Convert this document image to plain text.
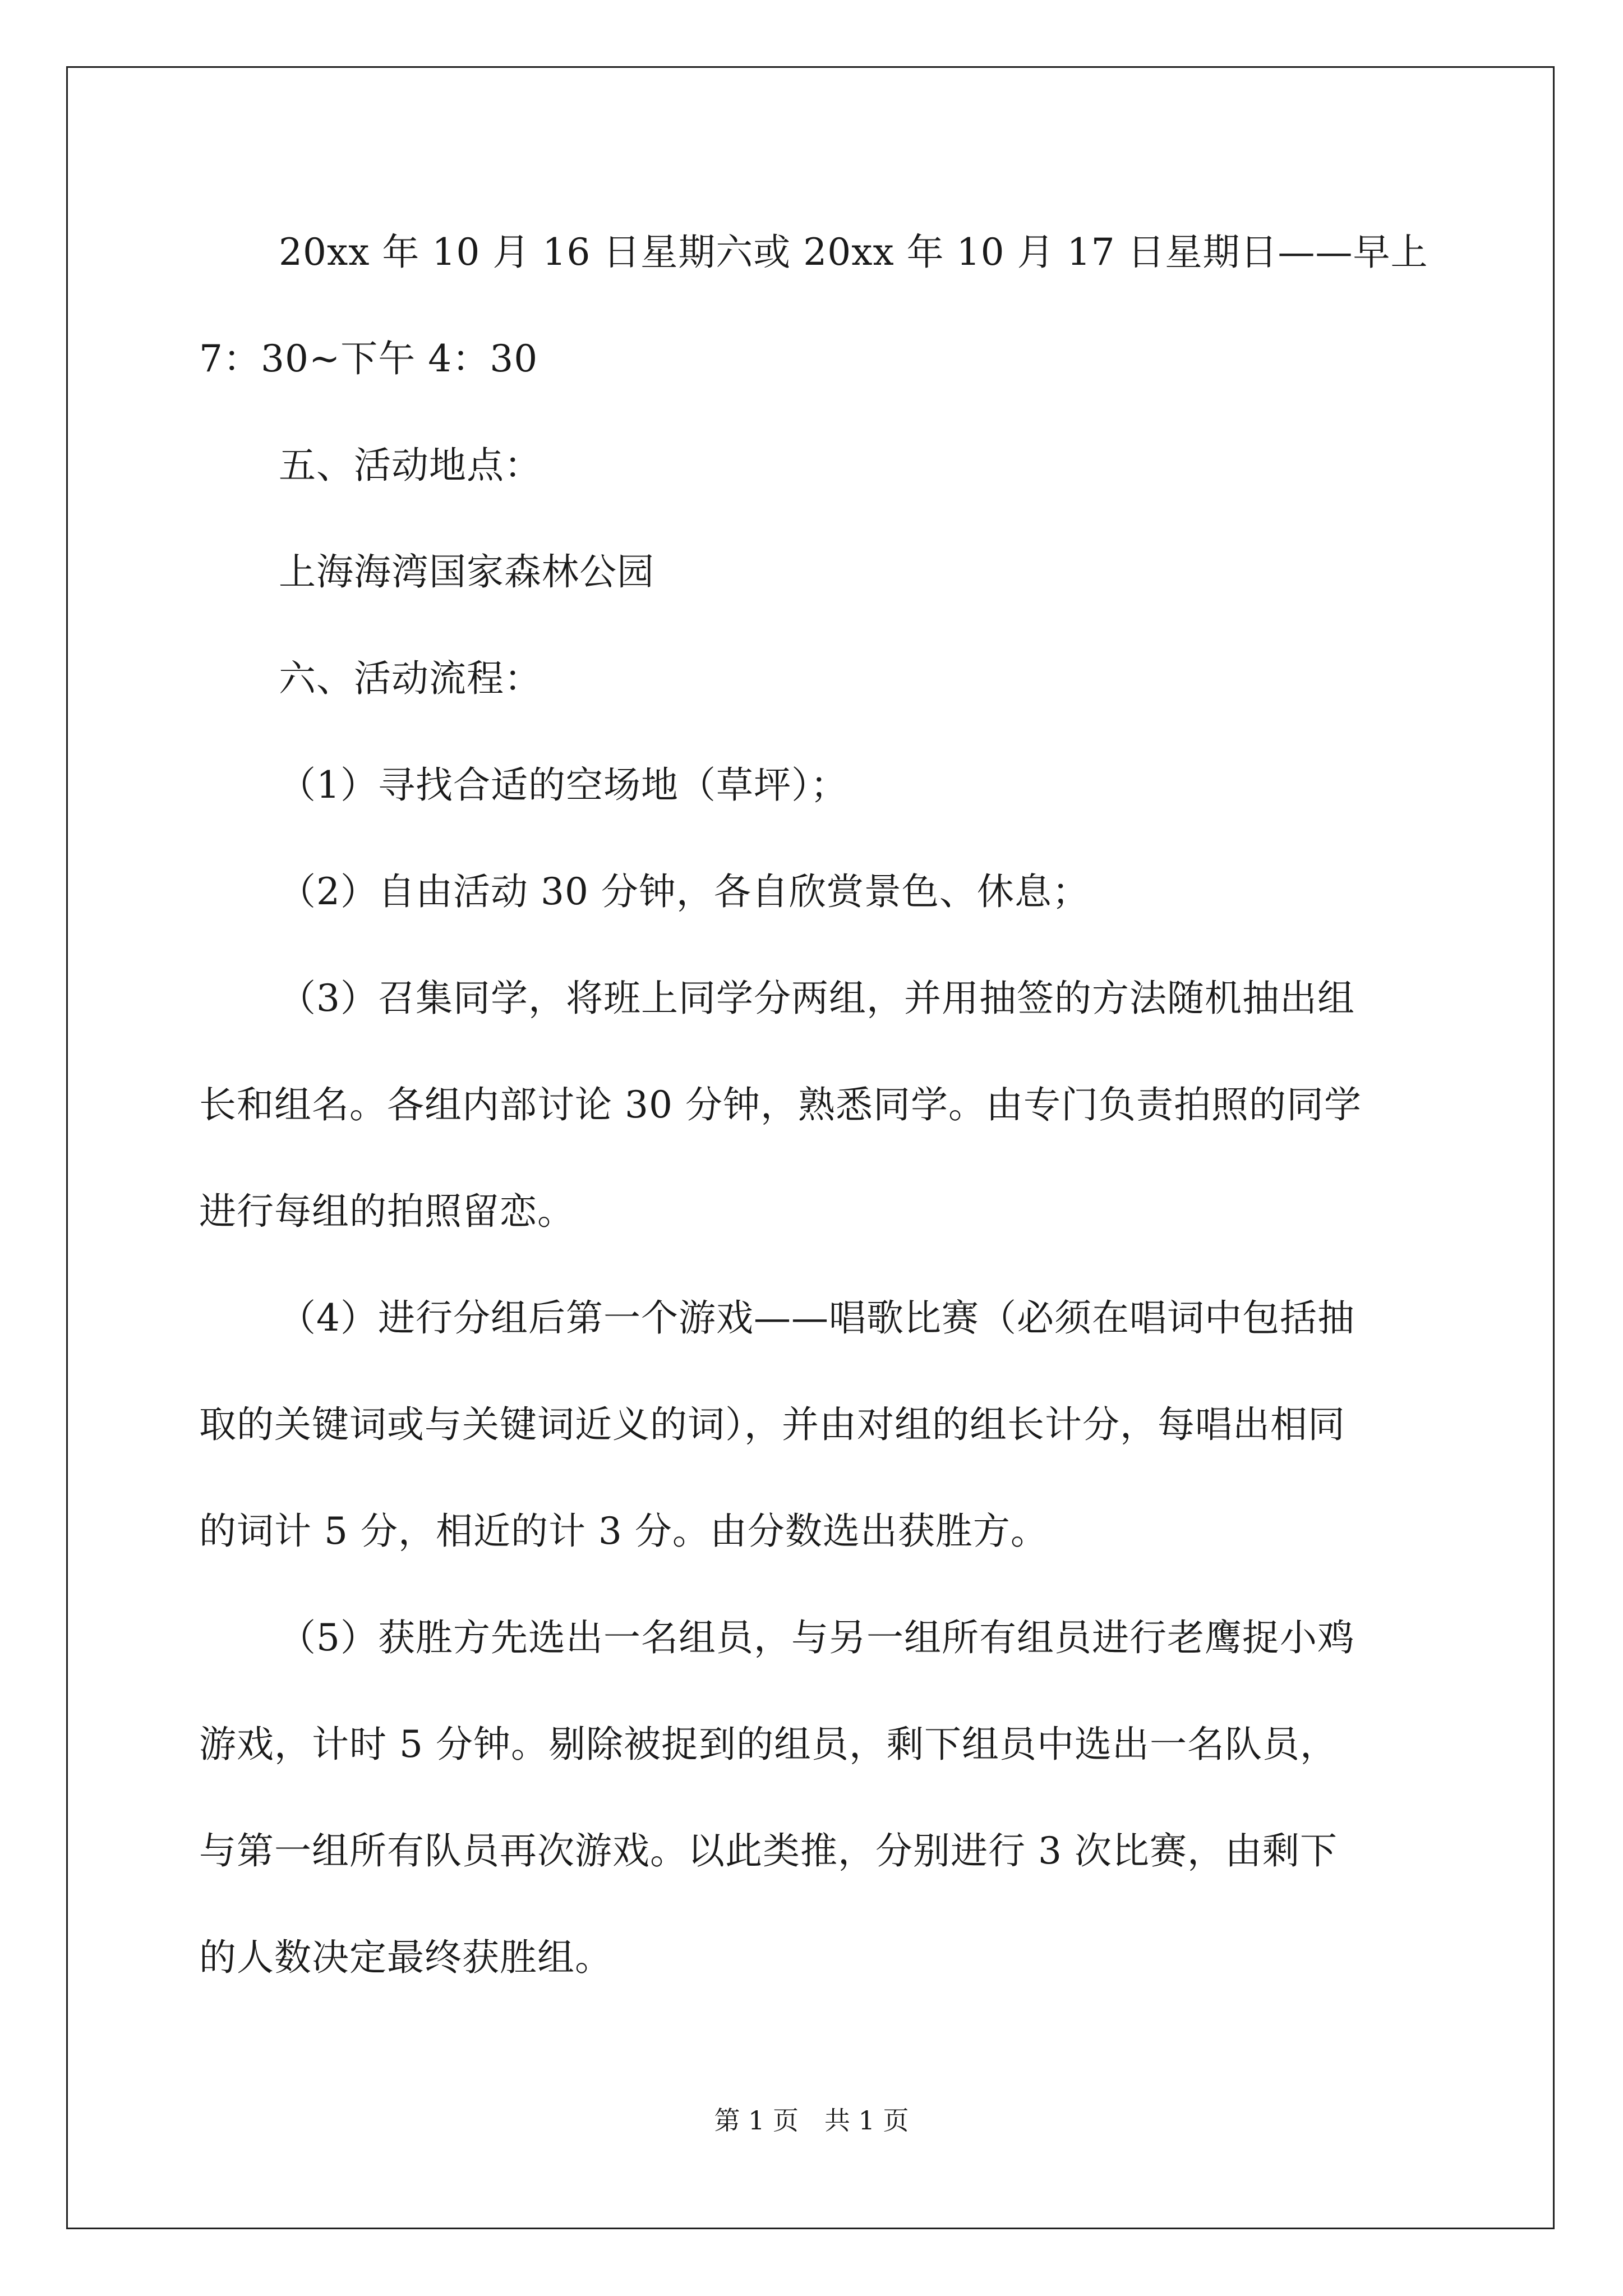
20xx 年 10 月 16 日星期六或 20xx 年 10 月 17 日星期日——早上
7：30~下午 4：30
五、活动地点：
上海海湾国家森林公园
六、活动流程：
（1）寻找合适的空场地（草坪）；
（2）自由活动 30 分钟，各自欣赏景色、休息；
（3）召集同学，将班上同学分两组，并用抽签的方法随机抽出组
长和组名。各组内部讨论 30 分钟，熟悉同学。由专门负责拍照的同学
进行每组的拍照留恋。
（4）进行分组后第一个游戏——唱歌比赛（必须在唱词中包括抽
取的关键词或与关键词近义的词），并由对组的组长计分，每唱出相同
的词计 5 分，相近的计 3 分。由分数选出获胜方。
（5）获胜方先选出一名组员，与另一组所有组员进行老鹰捉小鸡
游戏，计时 5 分钟。剔除被捉到的组员，剩下组员中选出一名队员，
与第一组所有队员再次游戏。以此类推，分别进行 3 次比赛，由剩下
的人数决定最终获胜组。
第 1 页　共 1 页
